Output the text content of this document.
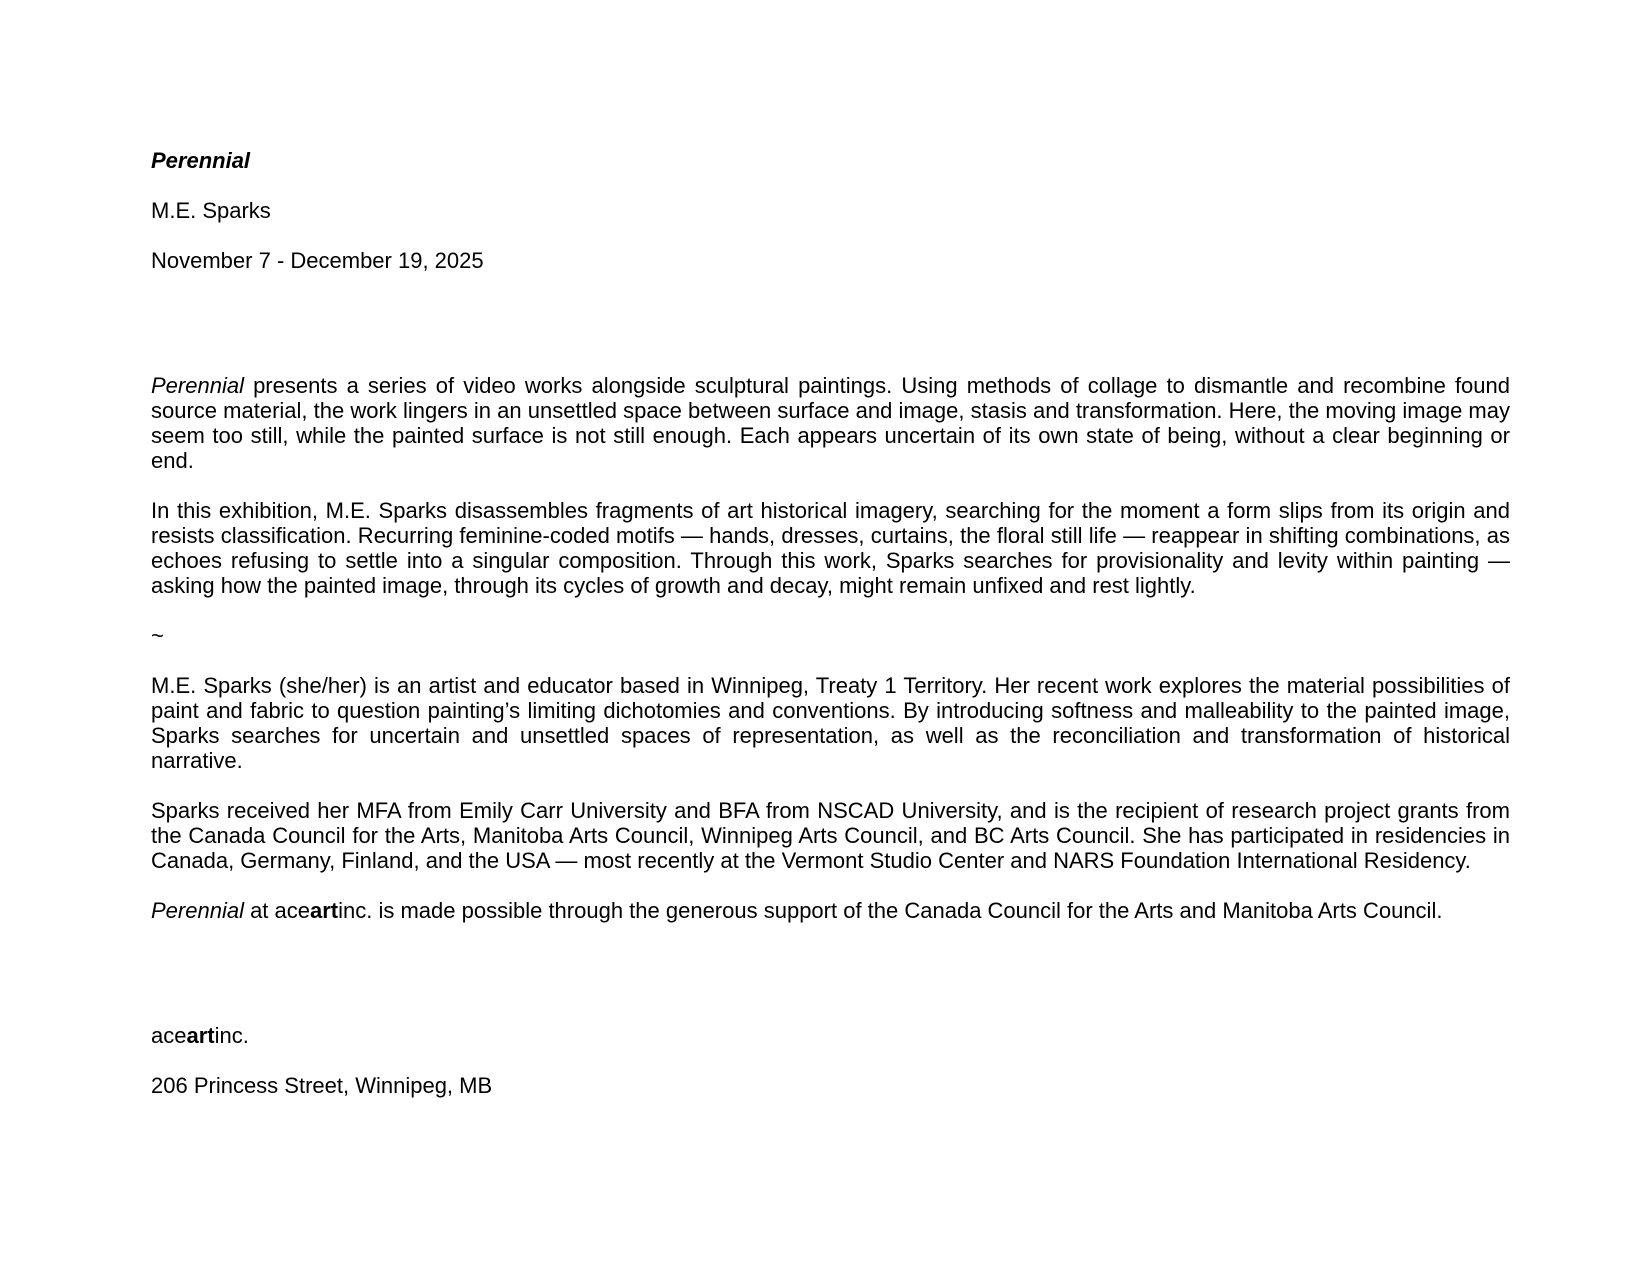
Perennial

M.E. Sparks

November 7 - December 19, 2025

Perennial presents a series of video works alongside sculptural paintings. Using methods of collage to dismantle and recombine found source material, the work lingers in an unsettled space between surface and image, stasis and transformation. Here, the moving image may seem too still, while the painted surface is not still enough. Each appears uncertain of its own state of being, without a clear beginning or end.

In this exhibition, M.E. Sparks disassembles fragments of art historical imagery, searching for the moment a form slips from its origin and resists classification. Recurring feminine-coded motifs — hands, dresses, curtains, the floral still life — reappear in shifting combinations, as echoes refusing to settle into a singular composition. Through this work, Sparks searches for provisionality and levity within painting — asking how the painted image, through its cycles of growth and decay, might remain unfixed and rest lightly.

~

M.E. Sparks (she/her) is an artist and educator based in Winnipeg, Treaty 1 Territory. Her recent work explores the material possibilities of paint and fabric to question painting’s limiting dichotomies and conventions. By introducing softness and malleability to the painted image, Sparks searches for uncertain and unsettled spaces of representation, as well as the reconciliation and transformation of historical narrative.

Sparks received her MFA from Emily Carr University and BFA from NSCAD University, and is the recipient of research project grants from the Canada Council for the Arts, Manitoba Arts Council, Winnipeg Arts Council, and BC Arts Council. She has participated in residencies in Canada, Germany, Finland, and the USA — most recently at the Vermont Studio Center and NARS Foundation International Residency.

Perennial at aceartinc. is made possible through the generous support of the Canada Council for the Arts and Manitoba Arts Council.

aceartinc.

206 Princess Street, Winnipeg, MB
